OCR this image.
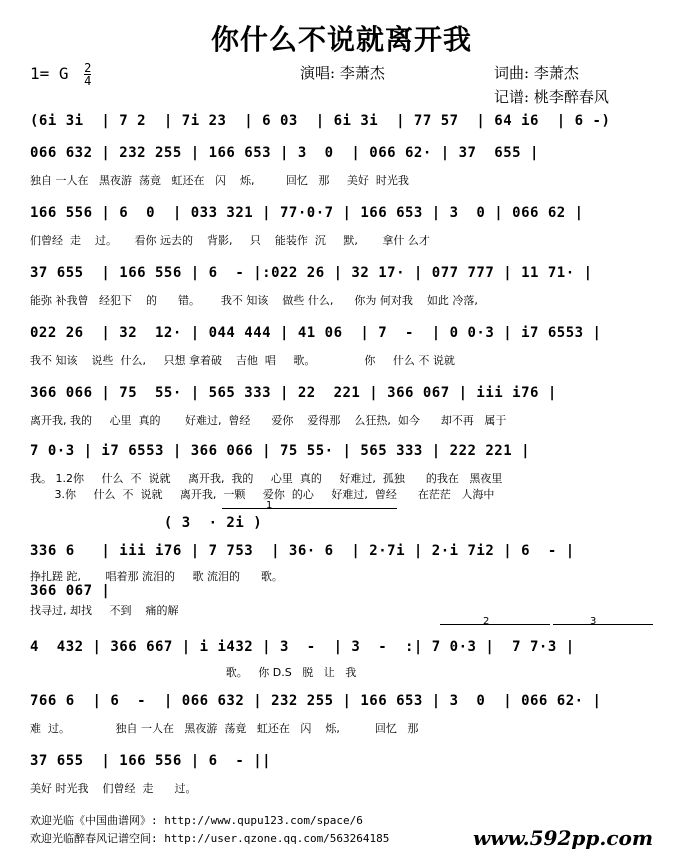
你什么不说就离开我
1= G $\frac{2}{4}$	演唱: 李萧杰	词曲: 李萧杰
记谱: 桃李醉春风
(6i 3i  | 7 2  | 7i 23  | 6 03  | 6i 3i  | 77 57  | 64 i6  | 6 -)
066 632 | 232 255 | 166 653 | 3  0  | 066 62· | 37  655 |
独自 一人在   黑夜游  荡竟   虹还在   闪    烁,         回忆   那     美好  时光我
166 556 | 6  0  | 033 321 | 77·0·7 | 166 653 | 3  0 | 066 62 |
们曾经  走    过。     看你 远去的    背影,     只    能装作  沉     默,       拿什 么才
37 655  | 166 556 | 6  - |:022 26 | 32 17· | 077 777 | 11 71· |
能弥 补我曾   经犯下    的      错。      我不 知该    做些 什么,      你为 何对我    如此 冷落,
022 26  | 32  12· | 044 444 | 41 06  | 7  -  | 0 0·3 | i7 6553 |
我不 知该    说些  什么,     只想 拿着破    吉他  唱     歌。              你     什么 不 说就
366 066 | 75  55· | 565 333 | 22  221 | 366 067 | iii i76 |
离开我, 我的     心里  真的       好难过,  曾经      爱你    爱得那    么狂热,  如今      却不再   属于
7 0·3 | i7 6553 | 366 066 | 75 55· | 565 333 | 222 221 |
我。 1.2你     什么  不  说就     离开我,  我的     心里  真的     好难过,  孤独      的我在   黑夜里
3.你     什么  不  说就     离开我,  一颗     爱你  的心     好难过,  曾经      在茫茫   人海中
1
( 3  · 2i )
336 6   | iii i76 | 7 753  | 36· 6  | 2·7i | 2·i 7i2 | 6  - |
挣扎蹉 跎,       唱着那 流泪的     歌 流泪的      歌。
366 067 |
找寻过, 却找     不到    痛的解
2	3
4  432 | 366 667 | i i432 | 3  -  | 3  -  :| 7 0·3 |  7 7·3 |
歌。   你 D.S   脱   让   我
766 6  | 6  -  | 066 632 | 232 255 | 166 653 | 3  0  | 066 62· |
难  过。             独自 一人在   黑夜游  荡竟   虹还在   闪    烁,          回忆   那
37 655  | 166 556 | 6  - ||
美好 时光我    们曾经  走      过。
欢迎光临《中国曲谱网》: http://www.qupu123.com/space/6
欢迎光临醉春风记谱空间: http://user.qzone.qq.com/563264185	www.592pp.com
